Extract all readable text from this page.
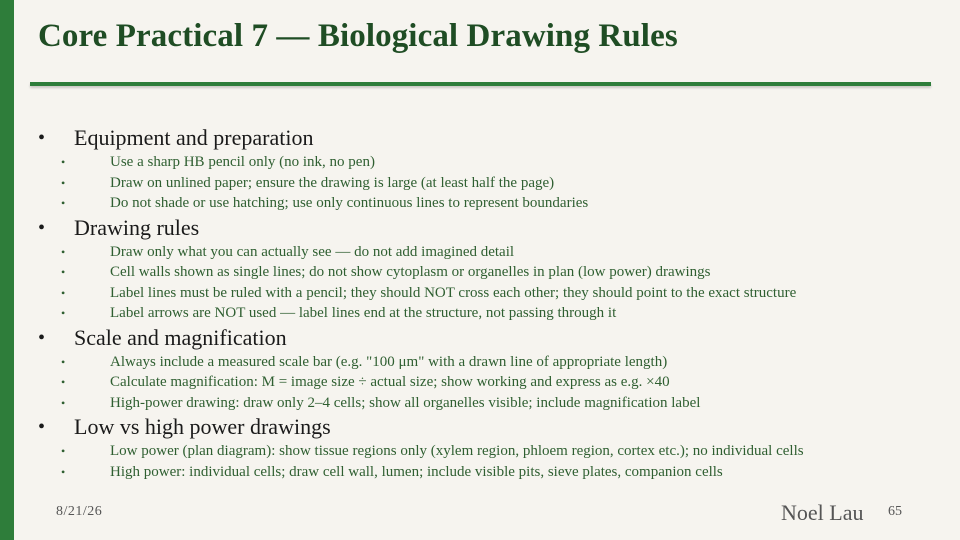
Core Practical 7 — Biological Drawing Rules
• Equipment and preparation
•	Use a sharp HB pencil only (no ink, no pen)
•	Draw on unlined paper; ensure the drawing is large (at least half the page)
•	Do not shade or use hatching; use only continuous lines to represent boundaries
• Drawing rules
•	Draw only what you can actually see — do not add imagined detail
•	Cell walls shown as single lines; do not show cytoplasm or organelles in plan (low power) drawings
•	Label lines must be ruled with a pencil; they should NOT cross each other; they should point to the exact structure
•	Label arrows are NOT used — label lines end at the structure, not passing through it
• Scale and magnification
•	Always include a measured scale bar (e.g. "100 μm" with a drawn line of appropriate length)
•	Calculate magnification: M = image size ÷ actual size; show working and express as e.g. ×40
•	High-power drawing: draw only 2–4 cells; show all organelles visible; include magnification label
• Low vs high power drawings
•	Low power (plan diagram): show tissue regions only (xylem region, phloem region, cortex etc.); no individual cells
•	High power: individual cells; draw cell wall, lumen; include visible pits, sieve plates, companion cells
8/21/26	Noel Lau 65
